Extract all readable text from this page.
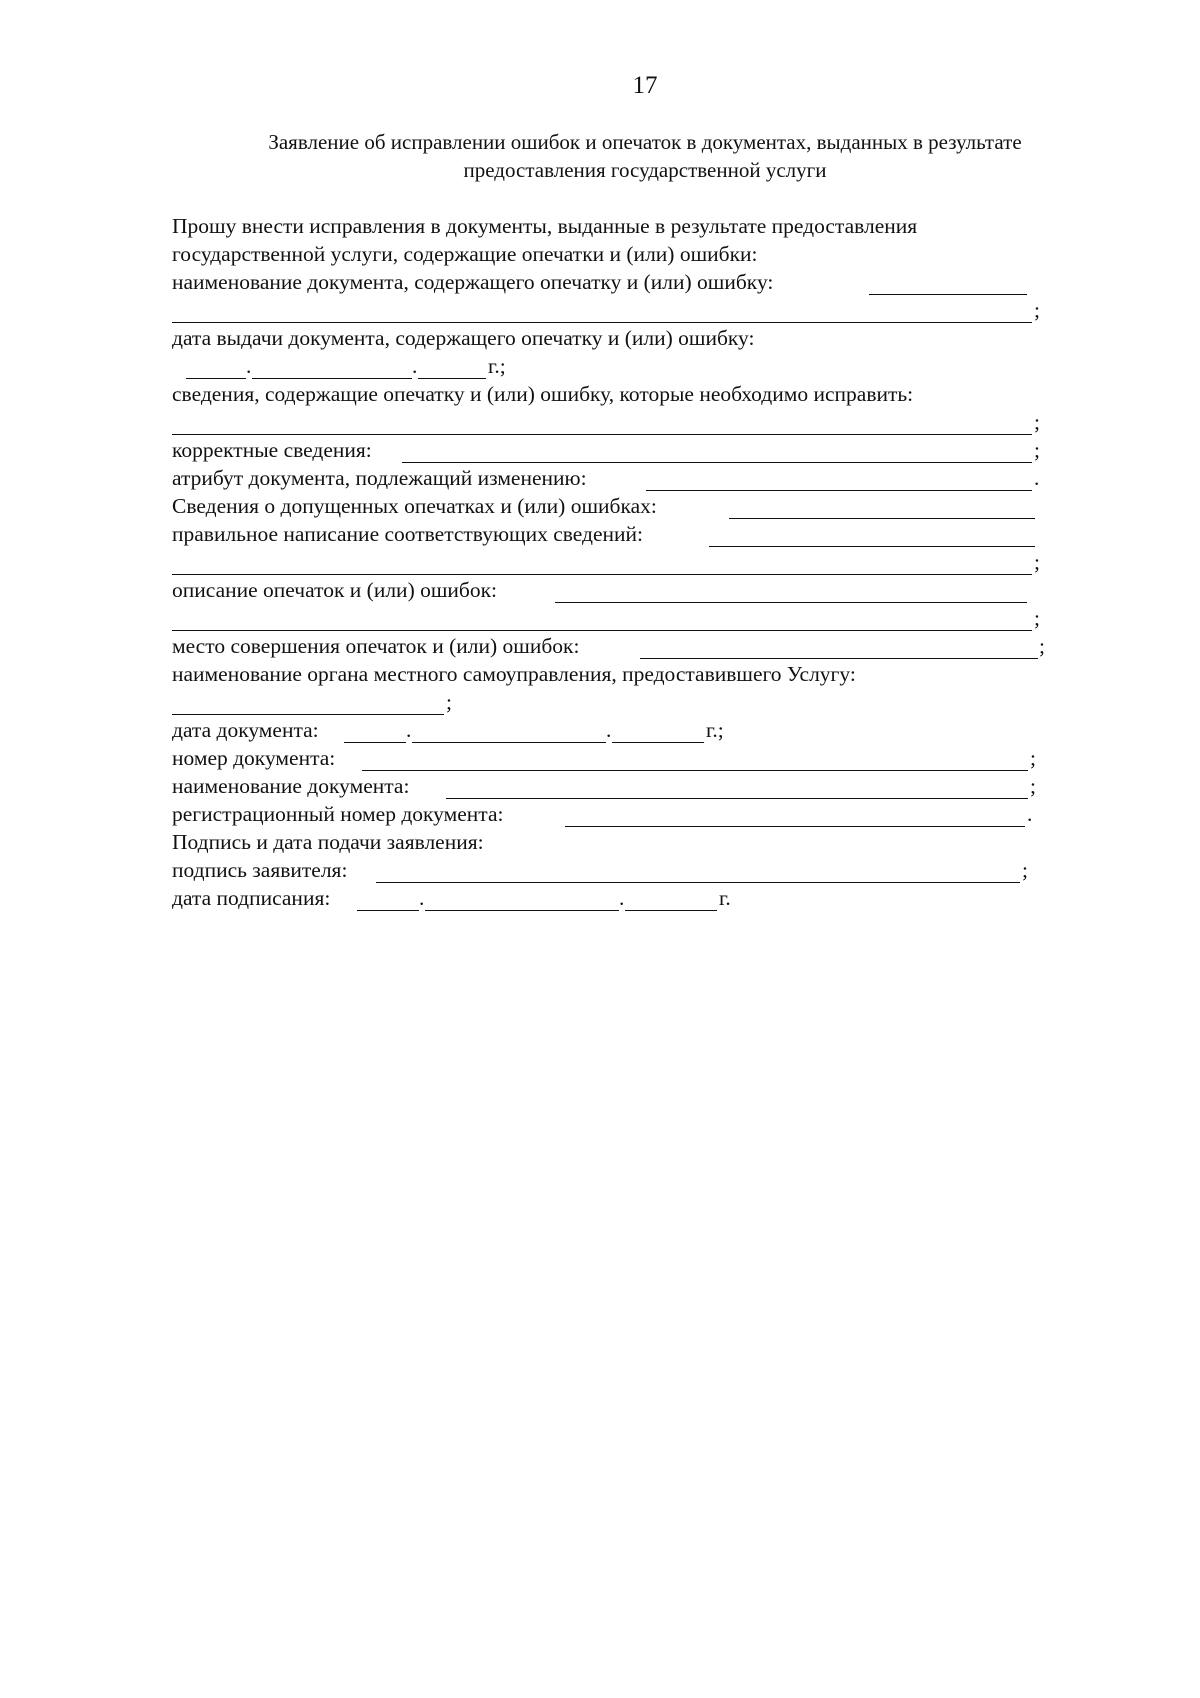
17
Заявление об исправлении ошибок и опечаток в документах, выданных в результате
предоставления государственной услуги
Прошу внести исправления в документы, выданные в результате предоставления
государственной услуги, содержащие опечатки и (или) ошибки:
наименование документа, содержащего опечатку и (или) ошибку:
;
дата выдачи документа, содержащего опечатку и (или) ошибку:
.	.	г.;
сведения, содержащие опечатку и (или) ошибку, которые необходимо исправить:
;
корректные сведения:	;
атрибут документа, подлежащий изменению:	.
Сведения о допущенных опечатках и (или) ошибках:
правильное написание соответствующих сведений:
;
описание опечаток и (или) ошибок:
;
место совершения опечаток и (или) ошибок:	;
наименование органа местного самоуправления, предоставившего Услугу:
;
дата документа:	.	.	г.;
номер документа:	;
наименование документа:	;
регистрационный номер документа:	.
Подпись и дата подачи заявления:
подпись заявителя:	;
дата подписания:	.	.	г.
